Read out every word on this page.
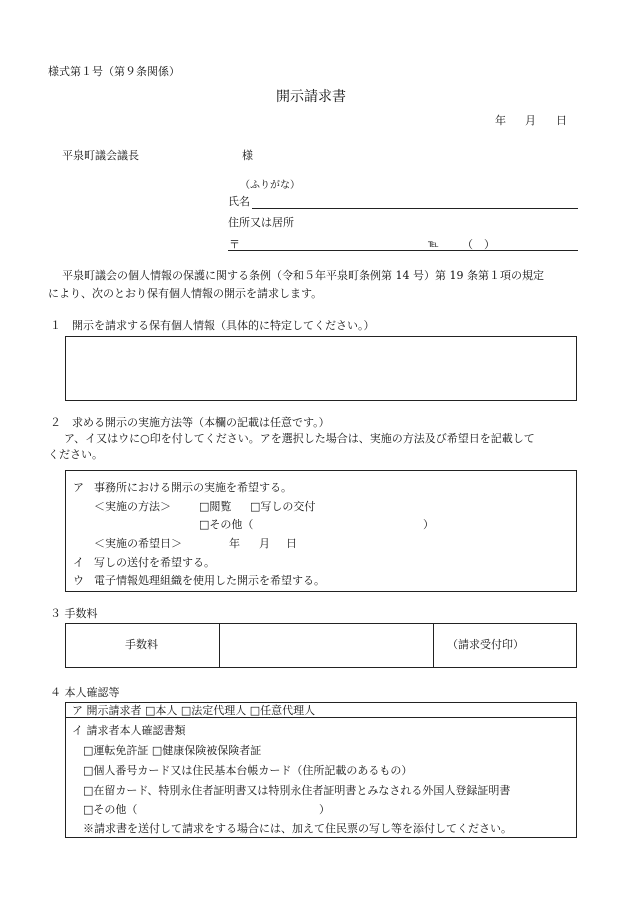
様式第１号（第９条関係）
開示請求書
年 月 日
平泉町議会議長	様
（ふりがな）
氏名
住所又は居所
〒	℡ （　）
平泉町議会の個人情報の保護に関する条例（令和５年平泉町条例第 14 号）第 19 条第１項の規定
により、次のとおり保有個人情報の開示を請求します。
１　開示を請求する保有個人情報（具体的に特定してください。）
２　求める開示の実施方法等（本欄の記載は任意です。）
ア、イ又はウに○印を付してください。アを選択した場合は、実施の方法及び希望日を記載して
ください。
ア 事務所における開示の実施を希望する。
＜実施の方法＞	□閲覧 □写しの交付
□その他（	）
＜実施の希望日＞	年 月 日
イ 写しの送付を希望する。
ウ 電子情報処理組織を使用した開示を希望する。
３ 手数料
手数料	（請求受付印）
４ 本人確認等
ア 開示請求者 □本人 □法定代理人 □任意代理人
イ 請求者本人確認書類
□運転免許証 □健康保険被保険者証
□個人番号カード又は住民基本台帳カード（住所記載のあるもの）
□在留カード、特別永住者証明書又は特別永住者証明書とみなされる外国人登録証明書
□その他（	）
※請求書を送付して請求をする場合には、加えて住民票の写し等を添付してください。
